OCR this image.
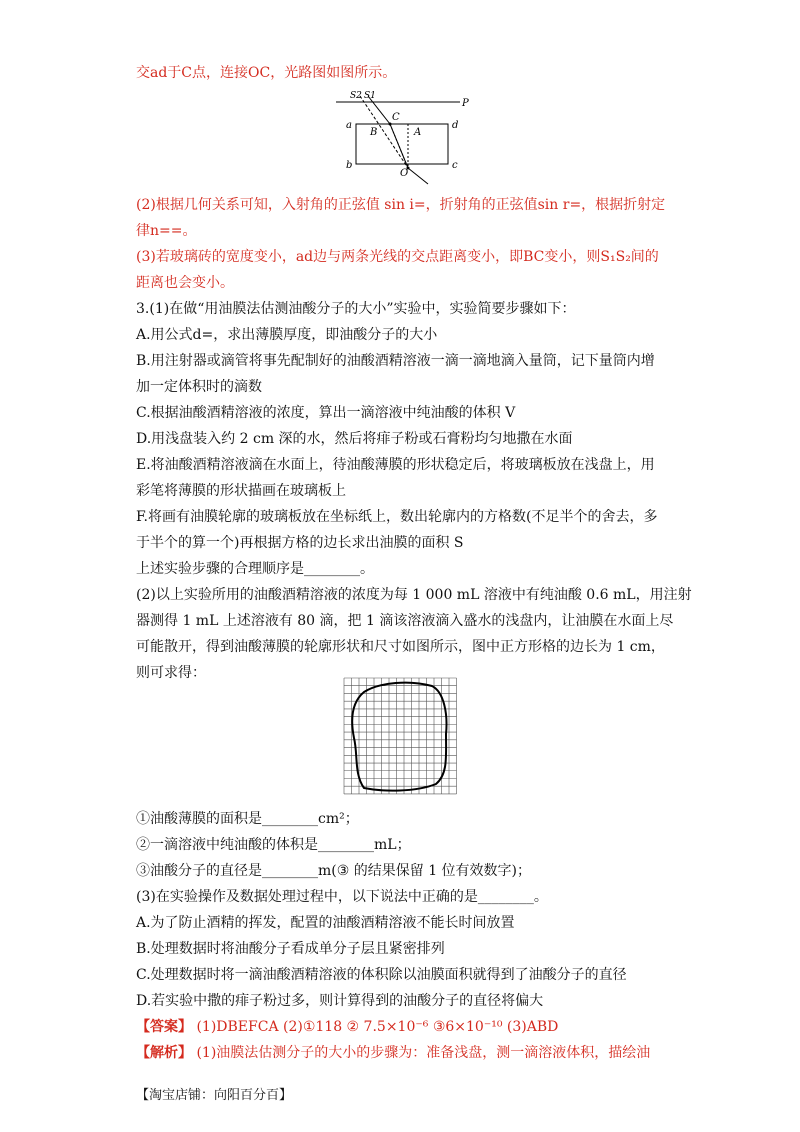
交ad于C点，连接OC，光路图如图所示。
(2)根据几何关系可知，入射角的正弦值 sin i=，折射角的正弦值sin r=，根据折射定
律n==。
(3)若玻璃砖的宽度变小，ad边与两条光线的交点距离变小，即BC变小，则S₁S₂间的
距离也会变小。
3.(1)在做“用油膜法估测油酸分子的大小”实验中，实验简要步骤如下：
A.用公式d=，求出薄膜厚度，即油酸分子的大小
B.用注射器或滴管将事先配制好的油酸酒精溶液一滴一滴地滴入量筒，记下量筒内增
加一定体积时的滴数
C.根据油酸酒精溶液的浓度，算出一滴溶液中纯油酸的体积 V
D.用浅盘装入约 2 cm 深的水，然后将痱子粉或石膏粉均匀地撒在水面
E.将油酸酒精溶液滴在水面上，待油酸薄膜的形状稳定后，将玻璃板放在浅盘上，用
彩笔将薄膜的形状描画在玻璃板上
F.将画有油膜轮廓的玻璃板放在坐标纸上，数出轮廓内的方格数(不足半个的舍去，多
于半个的算一个)再根据方格的边长求出油膜的面积 S
上述实验步骤的合理顺序是________。
(2)以上实验所用的油酸酒精溶液的浓度为每 1 000 mL 溶液中有纯油酸 0.6 mL，用注射
器测得 1 mL 上述溶液有 80 滴，把 1 滴该溶液滴入盛水的浅盘内，让油膜在水面上尽
可能散开，得到油酸薄膜的轮廓形状和尺寸如图所示，图中正方形格的边长为 1 cm，
则可求得：
①油酸薄膜的面积是________cm²；
②一滴溶液中纯油酸的体积是________mL；
③油酸分子的直径是________m(③ 的结果保留 1 位有效数字)；
(3)在实验操作及数据处理过程中，以下说法中正确的是________。
A.为了防止酒精的挥发，配置的油酸酒精溶液不能长时间放置
B.处理数据时将油酸分子看成单分子层且紧密排列
C.处理数据时将一滴油酸酒精溶液的体积除以油膜面积就得到了油酸分子的直径
D.若实验中撒的痱子粉过多，则计算得到的油酸分子的直径将偏大
【答案】 (1)DBEFCA (2)①118 ② 7.5×10⁻⁶ ③6×10⁻¹⁰ (3)ABD
【解析】 (1)油膜法估测分子的大小的步骤为：准备浅盘，测一滴溶液体积，描绘油
S2 S1
P
a	d
b	c
B
C
A
O
【淘宝店铺：向阳百分百】
